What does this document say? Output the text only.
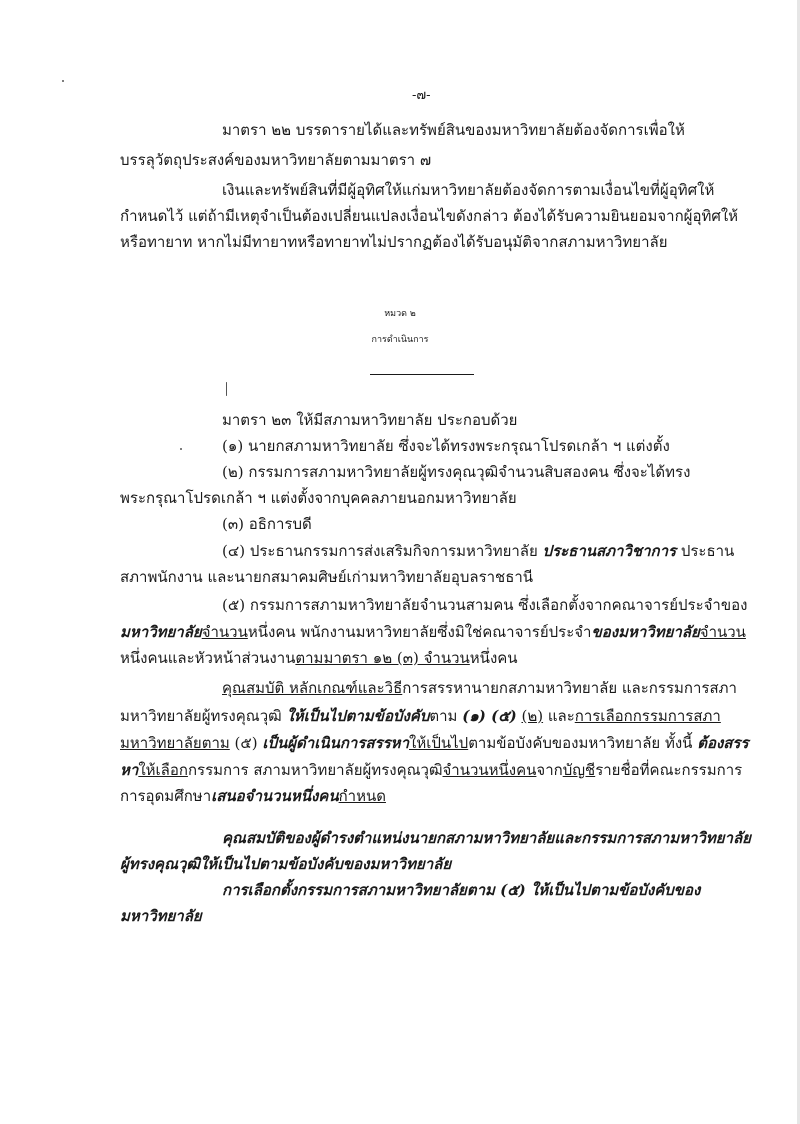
-๗-
มาตรา ๒๒ บรรดารายได้และทรัพย์สินของมหาวิทยาลัยต้องจัดการเพื่อให้
บรรลุวัตถุประสงค์ของมหาวิทยาลัยตามมาตรา ๗
เงินและทรัพย์สินที่มีผู้อุทิศให้แก่มหาวิทยาลัยต้องจัดการตามเงื่อนไขที่ผู้อุทิศให้
กำหนดไว้ แต่ถ้ามีเหตุจำเป็นต้องเปลี่ยนแปลงเงื่อนไขดังกล่าว ต้องได้รับความยินยอมจากผู้อุทิศให้
หรือทายาท หากไม่มีทายาทหรือทายาทไม่ปรากฏต้องได้รับอนุมัติจากสภามหาวิทยาลัย
หมวด ๒
การดำเนินการ
มาตรา ๒๓ ให้มีสภามหาวิทยาลัย ประกอบด้วย
(๑) นายกสภามหาวิทยาลัย ซึ่งจะได้ทรงพระกรุณาโปรดเกล้า ฯ แต่งตั้ง
(๒) กรรมการสภามหาวิทยาลัยผู้ทรงคุณวุฒิจำนวนสิบสองคน ซึ่งจะได้ทรง
พระกรุณาโปรดเกล้า ฯ แต่งตั้งจากบุคคลภายนอกมหาวิทยาลัย
(๓) อธิการบดี
(๔) ประธานกรรมการส่งเสริมกิจการมหาวิทยาลัย ประธานสภาวิชาการ ประธาน
สภาพนักงาน และนายกสมาคมศิษย์เก่ามหาวิทยาลัยอุบลราชธานี
(๕) กรรมการสภามหาวิทยาลัยจำนวนสามคน ซึ่งเลือกตั้งจากคณาจารย์ประจำของ
มหาวิทยาลัยจำนวนหนึ่งคน พนักงานมหาวิทยาลัยซึ่งมิใช่คณาจารย์ประจำของมหาวิทยาลัยจำนวน
หนึ่งคนและหัวหน้าส่วนงานตามมาตรา ๑๒ (๓) จำนวนหนึ่งคน
คุณสมบัติ หลักเกณฑ์และวิธีการสรรหานายกสภามหาวิทยาลัย และกรรมการสภา
มหาวิทยาลัยผู้ทรงคุณวุฒิ ให้เป็นไปตามข้อบังคับตาม (๑) (๕) (๒) และการเลือกกรรมการสภา
มหาวิทยาลัยตาม (๕) เป็นผู้ดำเนินการสรรหาให้เป็นไปตามข้อบังคับของมหาวิทยาลัย ทั้งนี้ ต้องสรร
หาให้เลือกกรรมการ สภามหาวิทยาลัยผู้ทรงคุณวุฒิจำนวนหนึ่งคนจากบัญชีรายชื่อที่คณะกรรมการ
การอุดมศึกษาเสนอจำนวนหนึ่งคนกำหนด
คุณสมบัติของผู้ดำรงตำแหน่งนายกสภามหาวิทยาลัยและกรรมการสภามหาวิทยาลัย
ผู้ทรงคุณวุฒิให้เป็นไปตามข้อบังคับของมหาวิทยาลัย
การเลือกตั้งกรรมการสภามหาวิทยาลัยตาม (๕) ให้เป็นไปตามข้อบังคับของ
มหาวิทยาลัย
